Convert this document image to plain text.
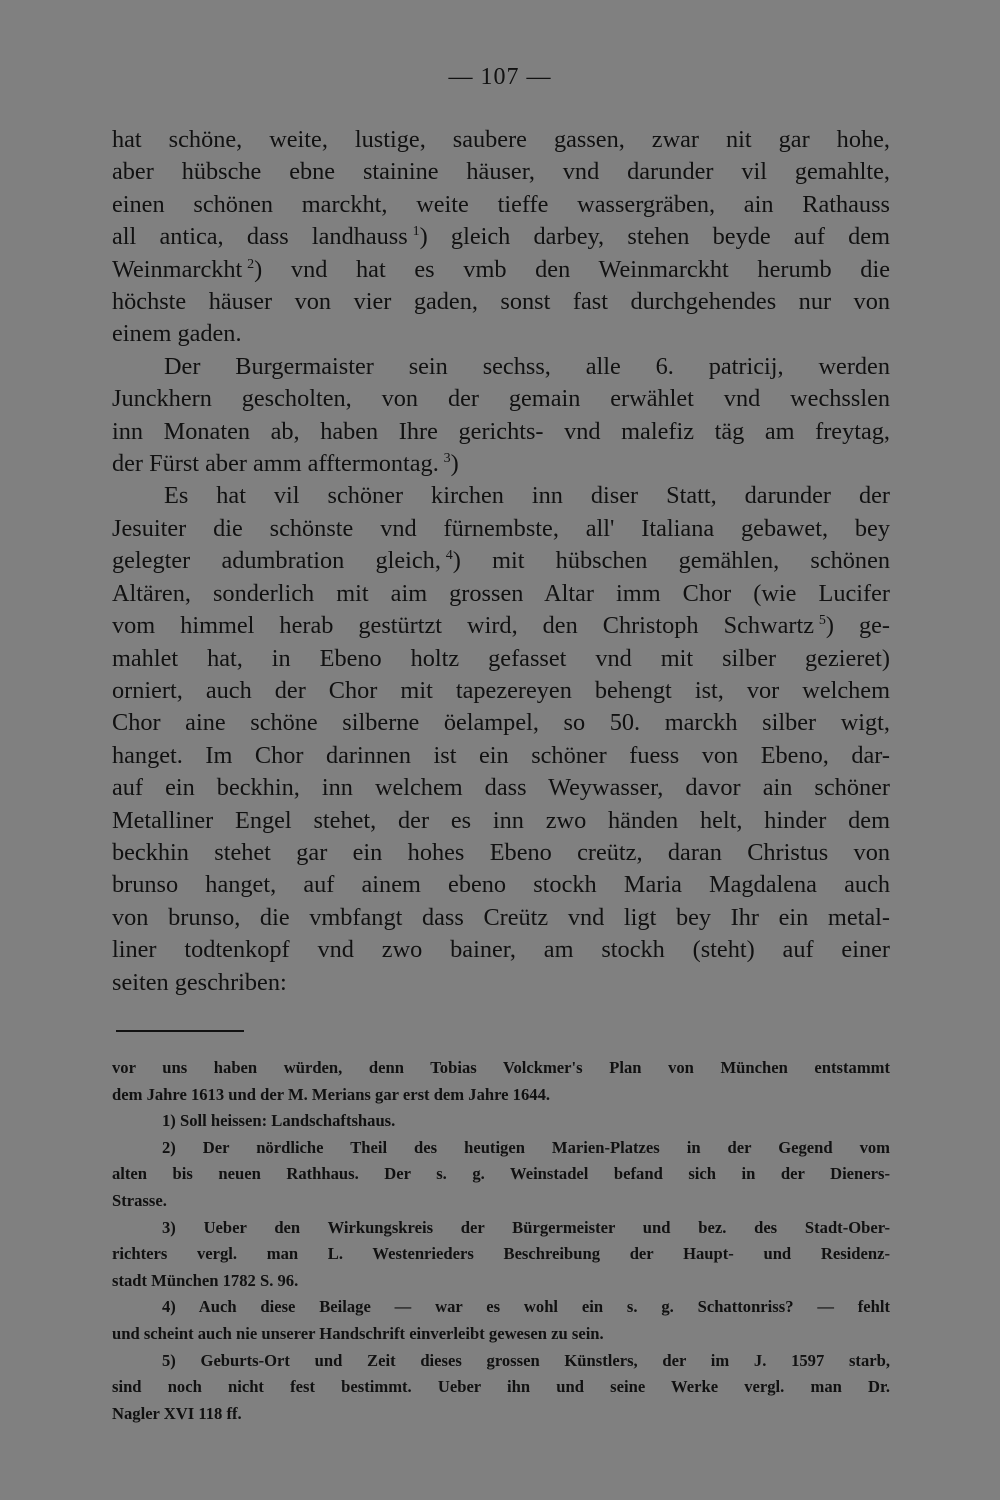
— 107 —
hat schöne, weite, lustige, saubere gassen, zwar nit gar hohe,
aber hübsche ebne stainine häuser, vnd darunder vil gemahlte,
einen schönen marckht, weite tieffe wassergräben, ain Rathauss
all antica, dass landhauss  $^1$) gleich darbey, stehen beyde auf dem
Weinmarckht  $^2$) vnd hat es vmb den Weinmarckht herumb die
höchste häuser von vier gaden, sonst fast durchgehendes nur von
einem gaden.
Der Burgermaister sein sechss, alle 6. patricij, werden
Junckhern gescholten, von der gemain erwählet vnd wechsslen
inn Monaten ab, haben Ihre gerichts- vnd malefiz täg am freytag,
der Fürst aber amm afftermontag.  $^3$)
Es hat vil schöner kirchen inn diser Statt, darunder der
Jesuiter die schönste vnd fürnembste, all' Italiana gebawet, bey
gelegter adumbration gleich,  $^4$) mit hübschen gemählen, schönen
Altären, sonderlich mit aim grossen Altar imm Chor (wie Lucifer
vom himmel herab gestürtzt wird, den Christoph Schwartz  $^5$) ge-
mahlet hat, in Ebeno holtz gefasset vnd mit silber gezieret)
orniert, auch der Chor mit tapezereyen behengt ist, vor welchem
Chor aine schöne silberne öelampel, so 50. marckh silber wigt,
hanget. Im Chor darinnen ist ein schöner fuess von Ebeno, dar-
auf ein beckhin, inn welchem dass Weywasser, davor ain schöner
Metalliner Engel stehet, der es inn zwo händen helt, hinder dem
beckhin stehet gar ein hohes Ebeno creütz, daran Christus von
brunso hanget, auf ainem ebeno stockh Maria Magdalena auch
von brunso, die vmbfangt dass Creütz vnd ligt bey Ihr ein metal-
liner todtenkopf vnd zwo bainer, am stockh (steht) auf einer
seiten geschriben:
vor uns haben würden, denn Tobias Volckmer's Plan von München entstammt
dem Jahre 1613 und der M. Merians gar erst dem Jahre 1644.
1) Soll heissen: Landschaftshaus.
2) Der nördliche Theil des heutigen Marien-Platzes in der Gegend vom
alten bis neuen Rathhaus. Der s. g. Weinstadel befand sich in der Dieners-
Strasse.
3) Ueber den Wirkungskreis der Bürgermeister und bez. des Stadt-Ober-
richters vergl. man L. Westenrieders Beschreibung der Haupt- und Residenz-
stadt München 1782 S. 96.
4) Auch diese Beilage — war es wohl ein s. g. Schattonriss? — fehlt
und scheint auch nie unserer Handschrift einverleibt gewesen zu sein.
5) Geburts-Ort und Zeit dieses grossen Künstlers, der im J. 1597 starb,
sind noch nicht fest bestimmt. Ueber ihn und seine Werke vergl. man Dr.
Nagler XVI 118 ff.
